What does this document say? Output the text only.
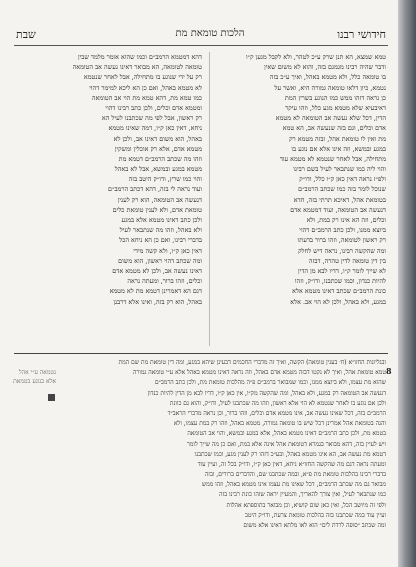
שבת	הלכות טומאת מת	חידושי רבנו
טמא שמצא, הא תנן שרק ע״כ לטהר, ולא לקבל מגען ק״ו
ודבר שהיה רבינו מגמגם בזה, והוא לא משום שאין
בו טומאה כלל, ולא מטמא באהל, ואיך ע״כ בזה
נטמא, כיון דלאו טומאה גמורה היא, ואשר על
כן נראה דזהו ממש כמו הנוגע בשרץ המת
דאיבעיא שלא מטמא מגע כלל, וזהו עיקר
הדין, דכל שלא נעשה אב הטומאה לא מטמא
אדם וכלים, וגם בזה שנעשה אב, הא טמא
מת ואין לו טומאת אהל, ובזה מטמא רק
במגע ובמשא, וזה אינו אלא אם נוגע בו
מתחילה, אבל לאחר שנטמא לא מטמא עוד
והוי ליה כמו שנתבאר לעיל בשם רבינו
ולפ״ז נראה דאין כאן ק״ו כלל, ודו״ק
שנוכל לומר בזה כמו שכתב הרמב״ם
בטומאת אהל, דאיכא תרתי בזה, חדא
דנעשה אב הטומאה, ועוד דמטמא אדם
וכלים, וזה הא אינו רק במת, ולא
ביוצא ממנו, ולכן כתב הרמב״ם דהוי
רק ראשון לטומאה, וזהו ברור בדעתו
ומה שהקשה רבינו, נראה דיש לחלק
בין דין טומאה לדין טהרה, דבזה
לא שייך לומר ק״ו, דדיו לבא מן הדין
להיות כנדון, וכמו שכתבנו, ודו״ק, וזהו
כונת הרמב״ם שכתב דאינו מטמא אלא
במגע, ולא באהל, ולכן לא הוי אב. אלא
דהא דמטמא הרמב״ם וכמו שהוא אומר מלמד שבין
טומאה לטומאה, הא מבואר דאינו נעשה אב הטומאה
רק על ידי שנוגע בו מתחילה, אבל לאחר שנטמא
לא מטמא באהל, ואם כן הא ליכא למימר דהוי
כמו טמא מת, דהא טמא מת הוי אב הטומאה
ומטמא אדם וכלים, ולכן כתב רבינו דהוי
רק ראשון, אבל לפי מה שכתבנו לעיל הא
ניחא, דאין כאן ק״ו, דמה שאינו מטמא
באהל, הוא משום דאינו אב, ולכן לא
מטמא אדם, אלא רק אוכלין ומשקין
וזהו מה שכתב הרמב״ם דטמא מת
מטמא במגע ובמשא, אבל לא באהל
והוי כמו שרץ, ודו״ק היטב בזה
ועוד נראה לי בזה, דהא דכתב הרמב״ם
דנעשה אב הטומאה, הוא רק לענין
טומאת אדם, ולא לענין טומאת כלים
ולכן כתב דאינו מטמא אלא במגע
ולא באהל, וזהו מה שנתבאר לעיל
בדברי רבינו, ואם כן הא ניחא הכל
דאין כאן ק״ו, ולא קשה מידי
ומה שכתב דהוי ראשון, הוא משום
דאינו נעשה אב, ולכן לא מטמא אדם
וכלים, וזהו ברור, ומעתה נראה
דגם הא דאמרינן דטמא מת לא מטמא
באהל, הוא רק בזה, ואינו אלא דרבנן
8
ובגליונות החזו״א (ח׳ בענין טומאה) הקשה, ואיך זה מדברי החכמים דבעינן שיהא במגע, ומה דין טומאת מת שם המת
טמא טומאת אהל, ואיך לא נקטו דבזה מטמא אדם באהל, וזה נראה דאינו מטמא באהל אלא ע״י טומאה גמורה
שהוא מת עצמו, ולא ביוצא ממנו, וכמו שמבואר ברמב״ם פ״ה מהלכות טומאת מת, ולכן כתב הרמב״ם
דנעשה אב הטומאה רק במגע, ולא באהל, ומה שהקשה מק״ו, אין כאן ק״ו, דדיו לבא מן הדין להיות כנדון
ולכן אם נוגע בו לאחר שנטמא לא הוי אלא ראשון, וזהו מה שכתבנו לעיל, ודו״ק, והוא גם כוונת
הרמב״ם בזה, דכל שאינו נעשה אב, אינו מטמא אדם וכלים, וזהו ברור, וכן נראה מדברי הראב״ד
והנה בטומאת אהל אמרינן דכל שיש בו טומאה גמורה, מטמא באהל, וזהו רק במת עצמו, ולא
בטמא מת, ולכן כתב הרמב״ם דאינו מטמא באהל, אלא במגע ובמשא, והוי אב הטומאה
ויש לעיין בזה, דהא מבואר בגמרא דטומאת אהל אינה אלא במת, ואם כן מה שייך לומר
דטמא מת נעשה אב, הא אינו מטמא באהל, ובע״כ דזהו רק לענין מגע, וכמו שכתבנו
ומעתה נראה דגם מה שהקשה החזו״א ניחא, דאין כאן ק״ו, ודו״ק בכל זה, ועיין עוד
בדברי רבינו בהלכות טומאת מת פ״א, ובמה שכתבנו שם, והדברים ברורים, ובזה
מבואר גם מה שכתב הרמב״ם, דכל שאינו מת עצמו אינו מטמא באהל, וזהו ממש
כמו שנתבאר לעיל, ואין צורך להאריך, והמעיין יראה שזהו כונת רבינו בזה
ולפי זה מיושב הכל, ואין כאן שום קושיא, וכן מבואר בתוספתא אהלות
ועיין עוד במה שכתבנו בזה בהלכות טומאת צרעת, ודו״ק היטב
ומה שכתב ״סופה לרדת לים״ הוא לאו מלתא דאינו אלא משום
נטמאה ע״י אהל
אלא בנוגע בטמאת
